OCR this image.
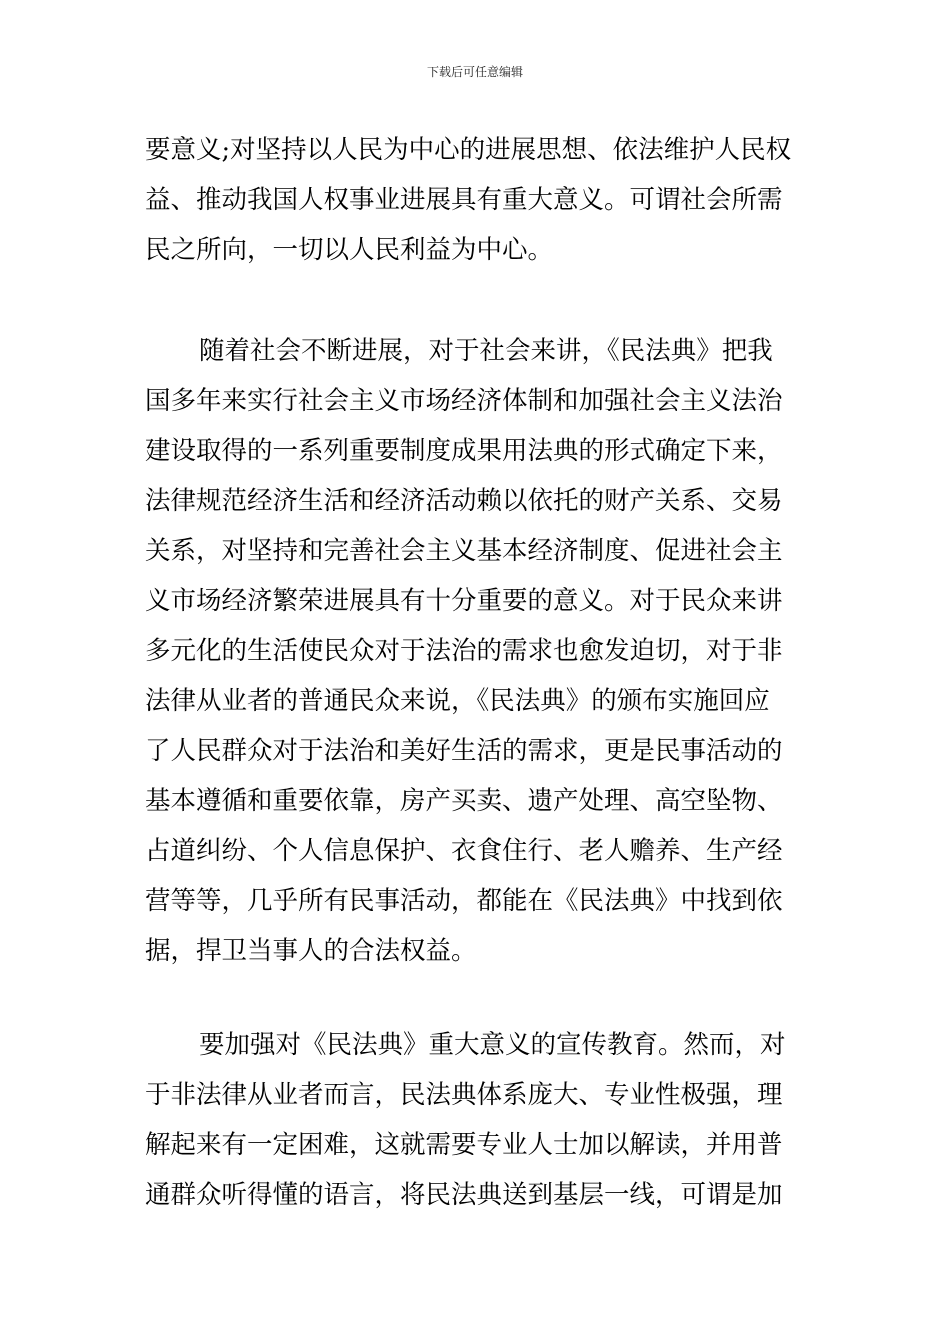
下载后可任意编辑
要意义;对坚持以人民为中心的进展思想、依法维护人民权
益、推动我国人权事业进展具有重大意义。可谓社会所需
民之所向，一切以人民利益为中心。
随着社会不断进展，对于社会来讲，《民法典》把我
国多年来实行社会主义市场经济体制和加强社会主义法治
建设取得的一系列重要制度成果用法典的形式确定下来，
法律规范经济生活和经济活动赖以依托的财产关系、交易
关系，对坚持和完善社会主义基本经济制度、促进社会主
义市场经济繁荣进展具有十分重要的意义。对于民众来讲
多元化的生活使民众对于法治的需求也愈发迫切，对于非
法律从业者的普通民众来说，《民法典》的颁布实施回应
了人民群众对于法治和美好生活的需求，更是民事活动的
基本遵循和重要依靠，房产买卖、遗产处理、高空坠物、
占道纠纷、个人信息保护、衣食住行、老人赡养、生产经
营等等，几乎所有民事活动，都能在《民法典》中找到依
据，捍卫当事人的合法权益。
要加强对《民法典》重大意义的宣传教育。然而，对
于非法律从业者而言，民法典体系庞大、专业性极强，理
解起来有一定困难，这就需要专业人士加以解读，并用普
通群众听得懂的语言，将民法典送到基层一线，可谓是加
